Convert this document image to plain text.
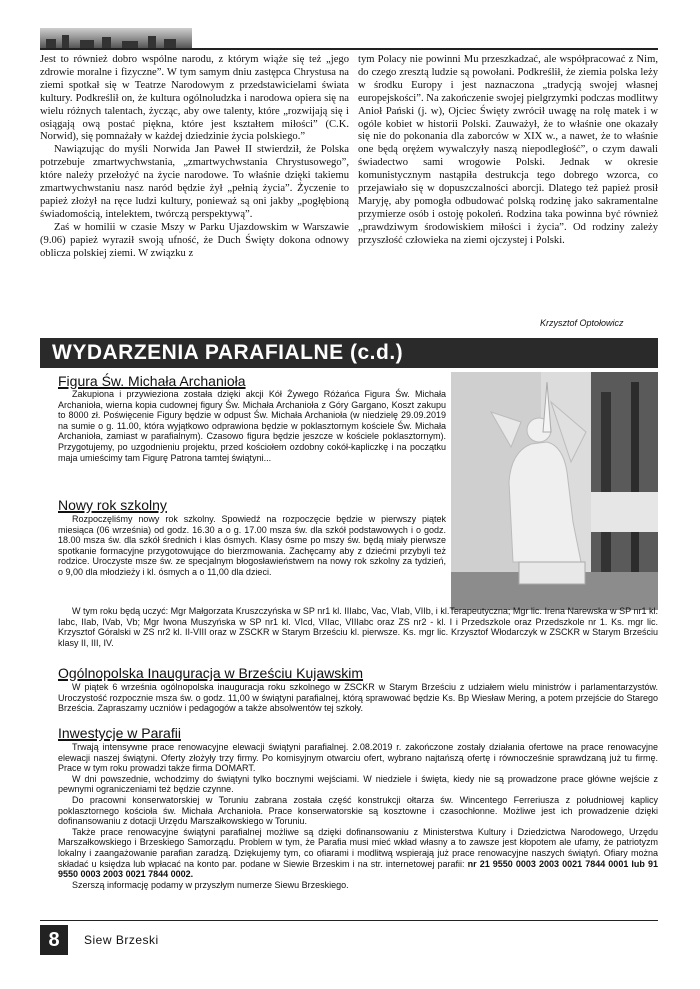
Jest to również dobro wspólne narodu, z którym wiąże się też „jego zdrowie moralne i fizyczne”. W tym samym dniu zastępca Chrystusa na ziemi spotkał się w Teatrze Narodowym z przedstawicielami świata kultury. Podkreślił on, że kultura ogólnoludzka i narodowa opiera się na wielu różnych talentach, życząc, aby owe talenty, które „rozwijają się i osiągają ową postać piękna, które jest kształtem miłości” (C.K. Norwid), się pomnażały w każdej dziedzinie życia polskiego.”

Nawiązując do myśli Norwida Jan Paweł II stwierdził, że Polska potrzebuje zmartwychwstania, „zmartwychwstania Chrystusowego”, które należy przełożyć na życie narodowe. To właśnie dzięki takiemu zmartwychwstaniu nasz naród będzie żył „pełnią życia”. Życzenie to papież złożył na ręce ludzi kultury, ponieważ są oni jakby „pogłębioną świadomością, intelektem, twórczą perspektywą”.

Zaś w homilii w czasie Mszy w Parku Ujazdowskim w Warszawie (9.06) papież wyraził swoją ufność, że Duch Święty dokona odnowy oblicza polskiej ziemi. W związku z

tym Polacy nie powinni Mu przeszkadzać, ale współpracować z Nim, do czego zresztą ludzie są powołani. Podkreślił, że ziemia polska leży w środku Europy i jest naznaczona „tradycją swojej własnej europejskości”. Na zakończenie swojej pielgrzymki podczas modlitwy Anioł Pański (j. w), Ojciec Święty zwrócił uwagę na rolę matek i w ogóle kobiet w historii Polski. Zauważył, że to właśnie one okazały się nie do pokonania dla zaborców w XIX w., a nawet, że to właśnie one będą orężem wywalczyły naszą niepodległość”, o czym dawali świadectwo sami wrogowie Polski. Jednak w okresie komunistycznym nastąpiła destrukcja tego dobrego wzorca, co przejawiało się w dopuszczalności aborcji. Dlatego też papież prosił Maryję, aby pomogła odbudować polską rodzinę jako sakramentalne przymierze osób i ostoję pokoleń. Rodzina taka powinna być również „prawdziwym środowiskiem miłości i życia”. Od rodziny zależy przyszłość człowieka na ziemi ojczystej i Polski.

Krzysztof Optołowicz
WYDARZENIA PARAFIALNE (c.d.)
Figura Św. Michała Archanioła

Zakupiona i przywieziona została dzięki akcji Kół Żywego Różańca Figura Św. Michała Archanioła, wierna kopia cudownej figury Św. Michała Archanioła z Góry Gargano, Koszt zakupu to 8000 zł. Poświęcenie Figury będzie w odpust Św. Michała Archanioła (w niedzielę 29.09.2019 na sumie o g. 11.00, która wyjątkowo odprawiona będzie w poklasztornym kościele Św. Michała Archanioła, zamiast w parafialnym). Czasowo figura będzie jeszcze w kościele poklasztornym). Przygotujemy, po uzgodnieniu projektu, przed kościołem ozdobny cokół-kapliczkę i na początku maja umieścimy tam Figurę Patrona tamtej świątyni...

Nowy rok szkolny

Rozpoczęliśmy nowy rok szkolny. Spowiedź na rozpoczęcie będzie w pierwszy piątek miesiąca (06 września) od godz. 16.30 a o g. 17.00 msza św. dla szkół podstawowych i o godz. 18.00 msza św. dla szkół średnich i klas ósmych. Klasy ósme po mszy św. będą miały pierwsze spotkanie formacyjne przygotowujące do bierzmowania. Zachęcamy aby z dziećmi przybyli też rodzice. Uroczyste msze św. ze specjalnym błogosławieństwem na nowy rok szkolny za tydzień, o 9,00 dla młodzieży i kl. ósmych a o 11,00 dla dzieci.

W tym roku będą uczyć: Mgr Małgorzata Kruszczyńska w SP nr1 kl. IIIabc, Vac, VIab, VIIb, i kl.Terapeutyczna; Mgr lic. Irena Narewska w SP nr1 kl. Iabc, IIab, IVab, Vb; Mgr Iwona Muszyńska w SP nr1 kl. VIcd, VIIac, VIIIabc oraz ZS nr2 - kl. I i Przedszkole oraz Przedszkole nr 1. Ks. mgr lic. Krzysztof Góralski w ZS nr2 kl. II-VIII oraz w ZSCKR w Starym Brześciu kl. pierwsze. Ks. mgr lic. Krzysztof Włodarczyk w ZSCKR w Starym Brześciu klasy II, III, IV.

Ogólnopolska Inauguracja w Brześciu Kujawskim

W piątek 6 września ogólnopolska inauguracja roku szkolnego w ZSCKR w Starym Brześciu z udziałem wielu ministrów i parlamentarzystów. Uroczystość rozpocznie msza św. o godz. 11,00 w świątyni parafialnej, którą sprawować będzie Ks. Bp Wiesław Mering, a potem przejście do Starego Brześcia. Zapraszamy uczniów i pedagogów a także absolwentów tej szkoły.

Inwestycje w Parafii

Trwają intensywne prace renowacyjne elewacji świątyni parafialnej. 2.08.2019 r. zakończone zostały działania ofertowe na prace renowacyjne elewacji naszej świątyni. Oferty złożyły trzy firmy. Po komisyjnym otwarciu ofert, wybrano najtańszą ofertę i równocześnie sprawdzaną już tu firmę. Prace w tym roku prowadzi także firma DOMART.

W dni powszednie, wchodzimy do świątyni tylko bocznymi wejściami. W niedziele i święta, kiedy nie są prowadzone prace główne wejście z pewnymi ograniczeniami też będzie czynne.

Do pracowni konserwatorskiej w Toruniu zabrana została część konstrukcji ołtarza św. Wincentego Ferreriusza z południowej kaplicy poklasztornego kościoła św. Michała Archanioła. Prace konserwatorskie są kosztowne i czasochłonne. Możliwe jest ich prowadzenie dzięki dofinansowaniu z dotacji Urzędu Marszałkowskiego w Toruniu.

Także prace renowacyjne świątyni parafialnej możliwe są dzięki dofinansowaniu z Ministerstwa Kultury i Dziedzictwa Narodowego, Urzędu Marszałkowskiego i Brzeskiego Samorządu. Problem w tym, że Parafia musi mieć wkład własny a to zawsze jest kłopotem ale ufamy, że patriotyzm lokalny i zaangażowanie parafian zaradzą. Dziękujemy tym, co ofiarami i modlitwą wspierają już prace renowacyjne naszych świątyń. Ofiary można składać u księdza lub wpłacać na konto par. podane w Siewie Brzeskim i na str. internetowej parafii: nr 21 9550 0003 2003 0021 7844 0001 lub 91 9550 0003 2003 0021 7844 0002.

Szerszą informację podamy w przyszłym numerze Siewu Brzeskiego.

8	Siew Brzeski
